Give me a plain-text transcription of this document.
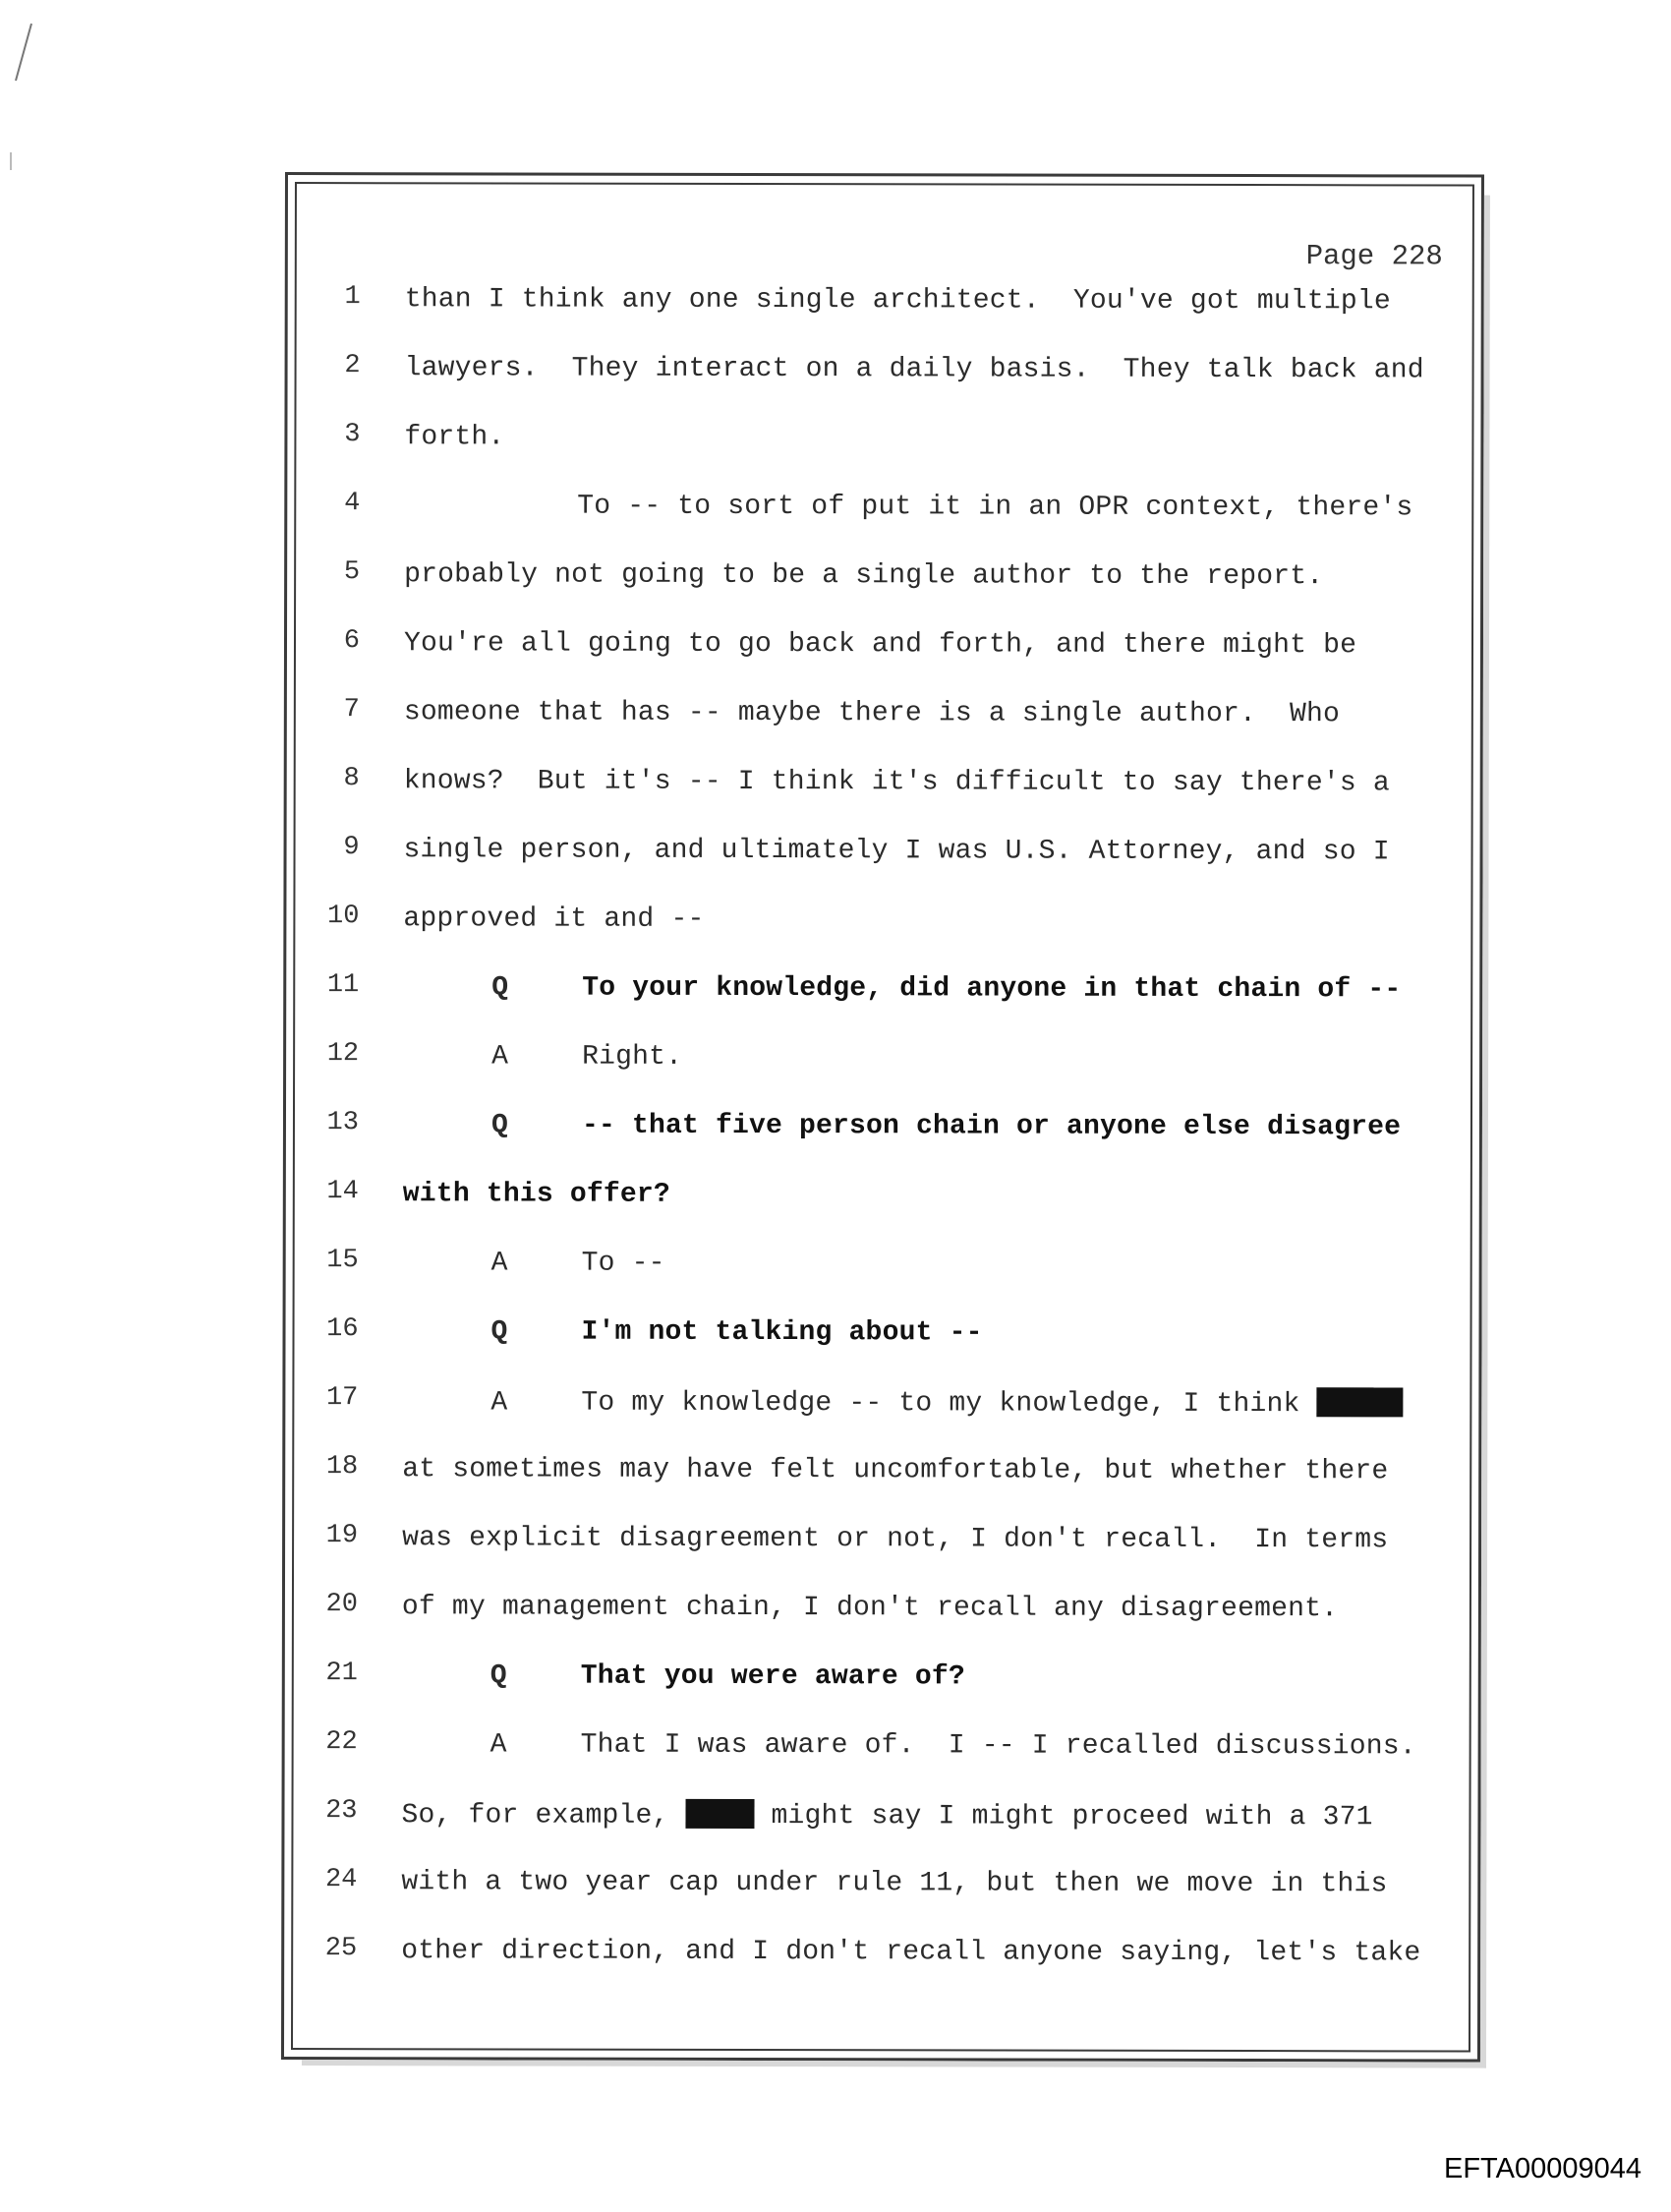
Page 228
1 than I think any one single architect.  You've got multiple
2 lawyers.  They interact on a daily basis.  They talk back and
3 forth.
4	To -- to sort of put it in an OPR context, there's
5 probably not going to be a single author to the report.
6 You're all going to go back and forth, and there might be
7 someone that has -- maybe there is a single author.  Who
8 knows?  But it's -- I think it's difficult to say there's a
9 single person, and ultimately I was U.S. Attorney, and so I
10 approved it and --
11	Q	To your knowledge, did anyone in that chain of --
12	A	Right.
13	Q	-- that five person chain or anyone else disagree
14 with this offer?
15	A	To --
16	Q	I'm not talking about --
17	A	To my knowledge -- to my knowledge, I think
18 at sometimes may have felt uncomfortable, but whether there
19 was explicit disagreement or not, I don't recall.  In terms
20 of my management chain, I don't recall any disagreement.
21	Q	That you were aware of?
22	A	That I was aware of.  I -- I recalled discussions.
23 So, for example,  might say I might proceed with a 371
24 with a two year cap under rule 11, but then we move in this
25 other direction, and I don't recall anyone saying, let's take
EFTA00009044
